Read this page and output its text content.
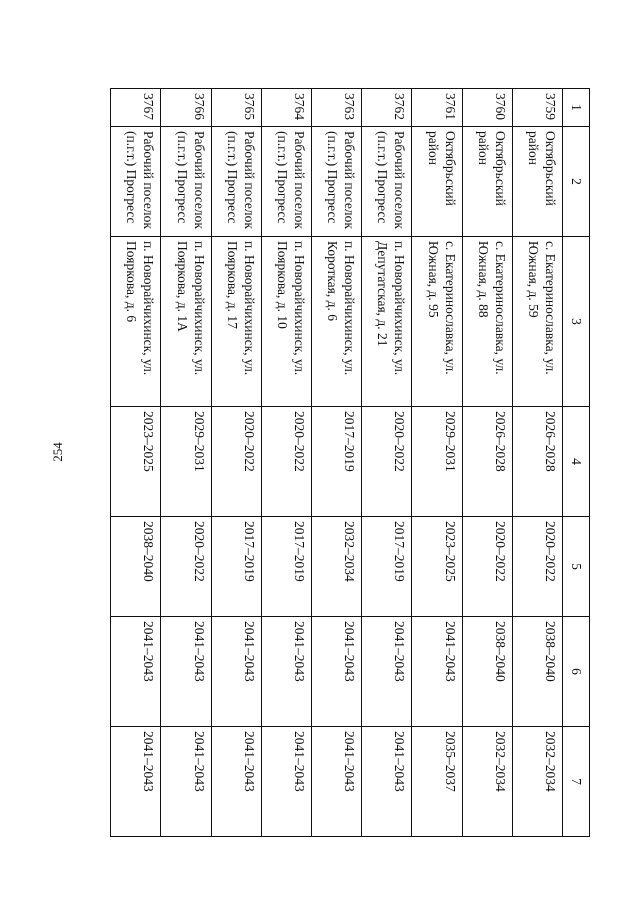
254
1	2	3	4	5	6	7
3759	Октябрьский район	с. Екатеринославка, ул. Южная, д. 59	2026–2028	2020–2022	2038–2040	2032–2034
3760	Октябрьский район	с. Екатеринославка, ул. Южная, д. 88	2026–2028	2020–2022	2038–2040	2032–2034
3761	Октябрьский район	с. Екатеринославка, ул. Южная, д. 95	2029–2031	2023–2025	2041–2043	2035–2037
3762	Рабочий поселок (п.г.т.) Прогресс	п. Новорайчихинск, ул. Депутатская, д. 21	2020–2022	2017–2019	2041–2043	2041–2043
3763	Рабочий поселок (п.г.т.) Прогресс	п. Новорайчихинск, ул. Короткая, д. 6	2017–2019	2032–2034	2041–2043	2041–2043
3764	Рабочий поселок (п.г.т.) Прогресс	п. Новорайчихинск, ул. Пояркова, д. 10	2020–2022	2017–2019	2041–2043	2041–2043
3765	Рабочий поселок (п.г.т.) Прогресс	п. Новорайчихинск, ул. Пояркова, д. 17	2020–2022	2017–2019	2041–2043	2041–2043
3766	Рабочий поселок (п.г.т.) Прогресс	п. Новорайчихинск, ул. Пояркова, д. 1А	2029–2031	2020–2022	2041–2043	2041–2043
3767	Рабочий поселок (п.г.т.) Прогресс	п. Новорайчихинск, ул. Пояркова, д. 6	2023–2025	2038–2040	2041–2043	2041–2043
